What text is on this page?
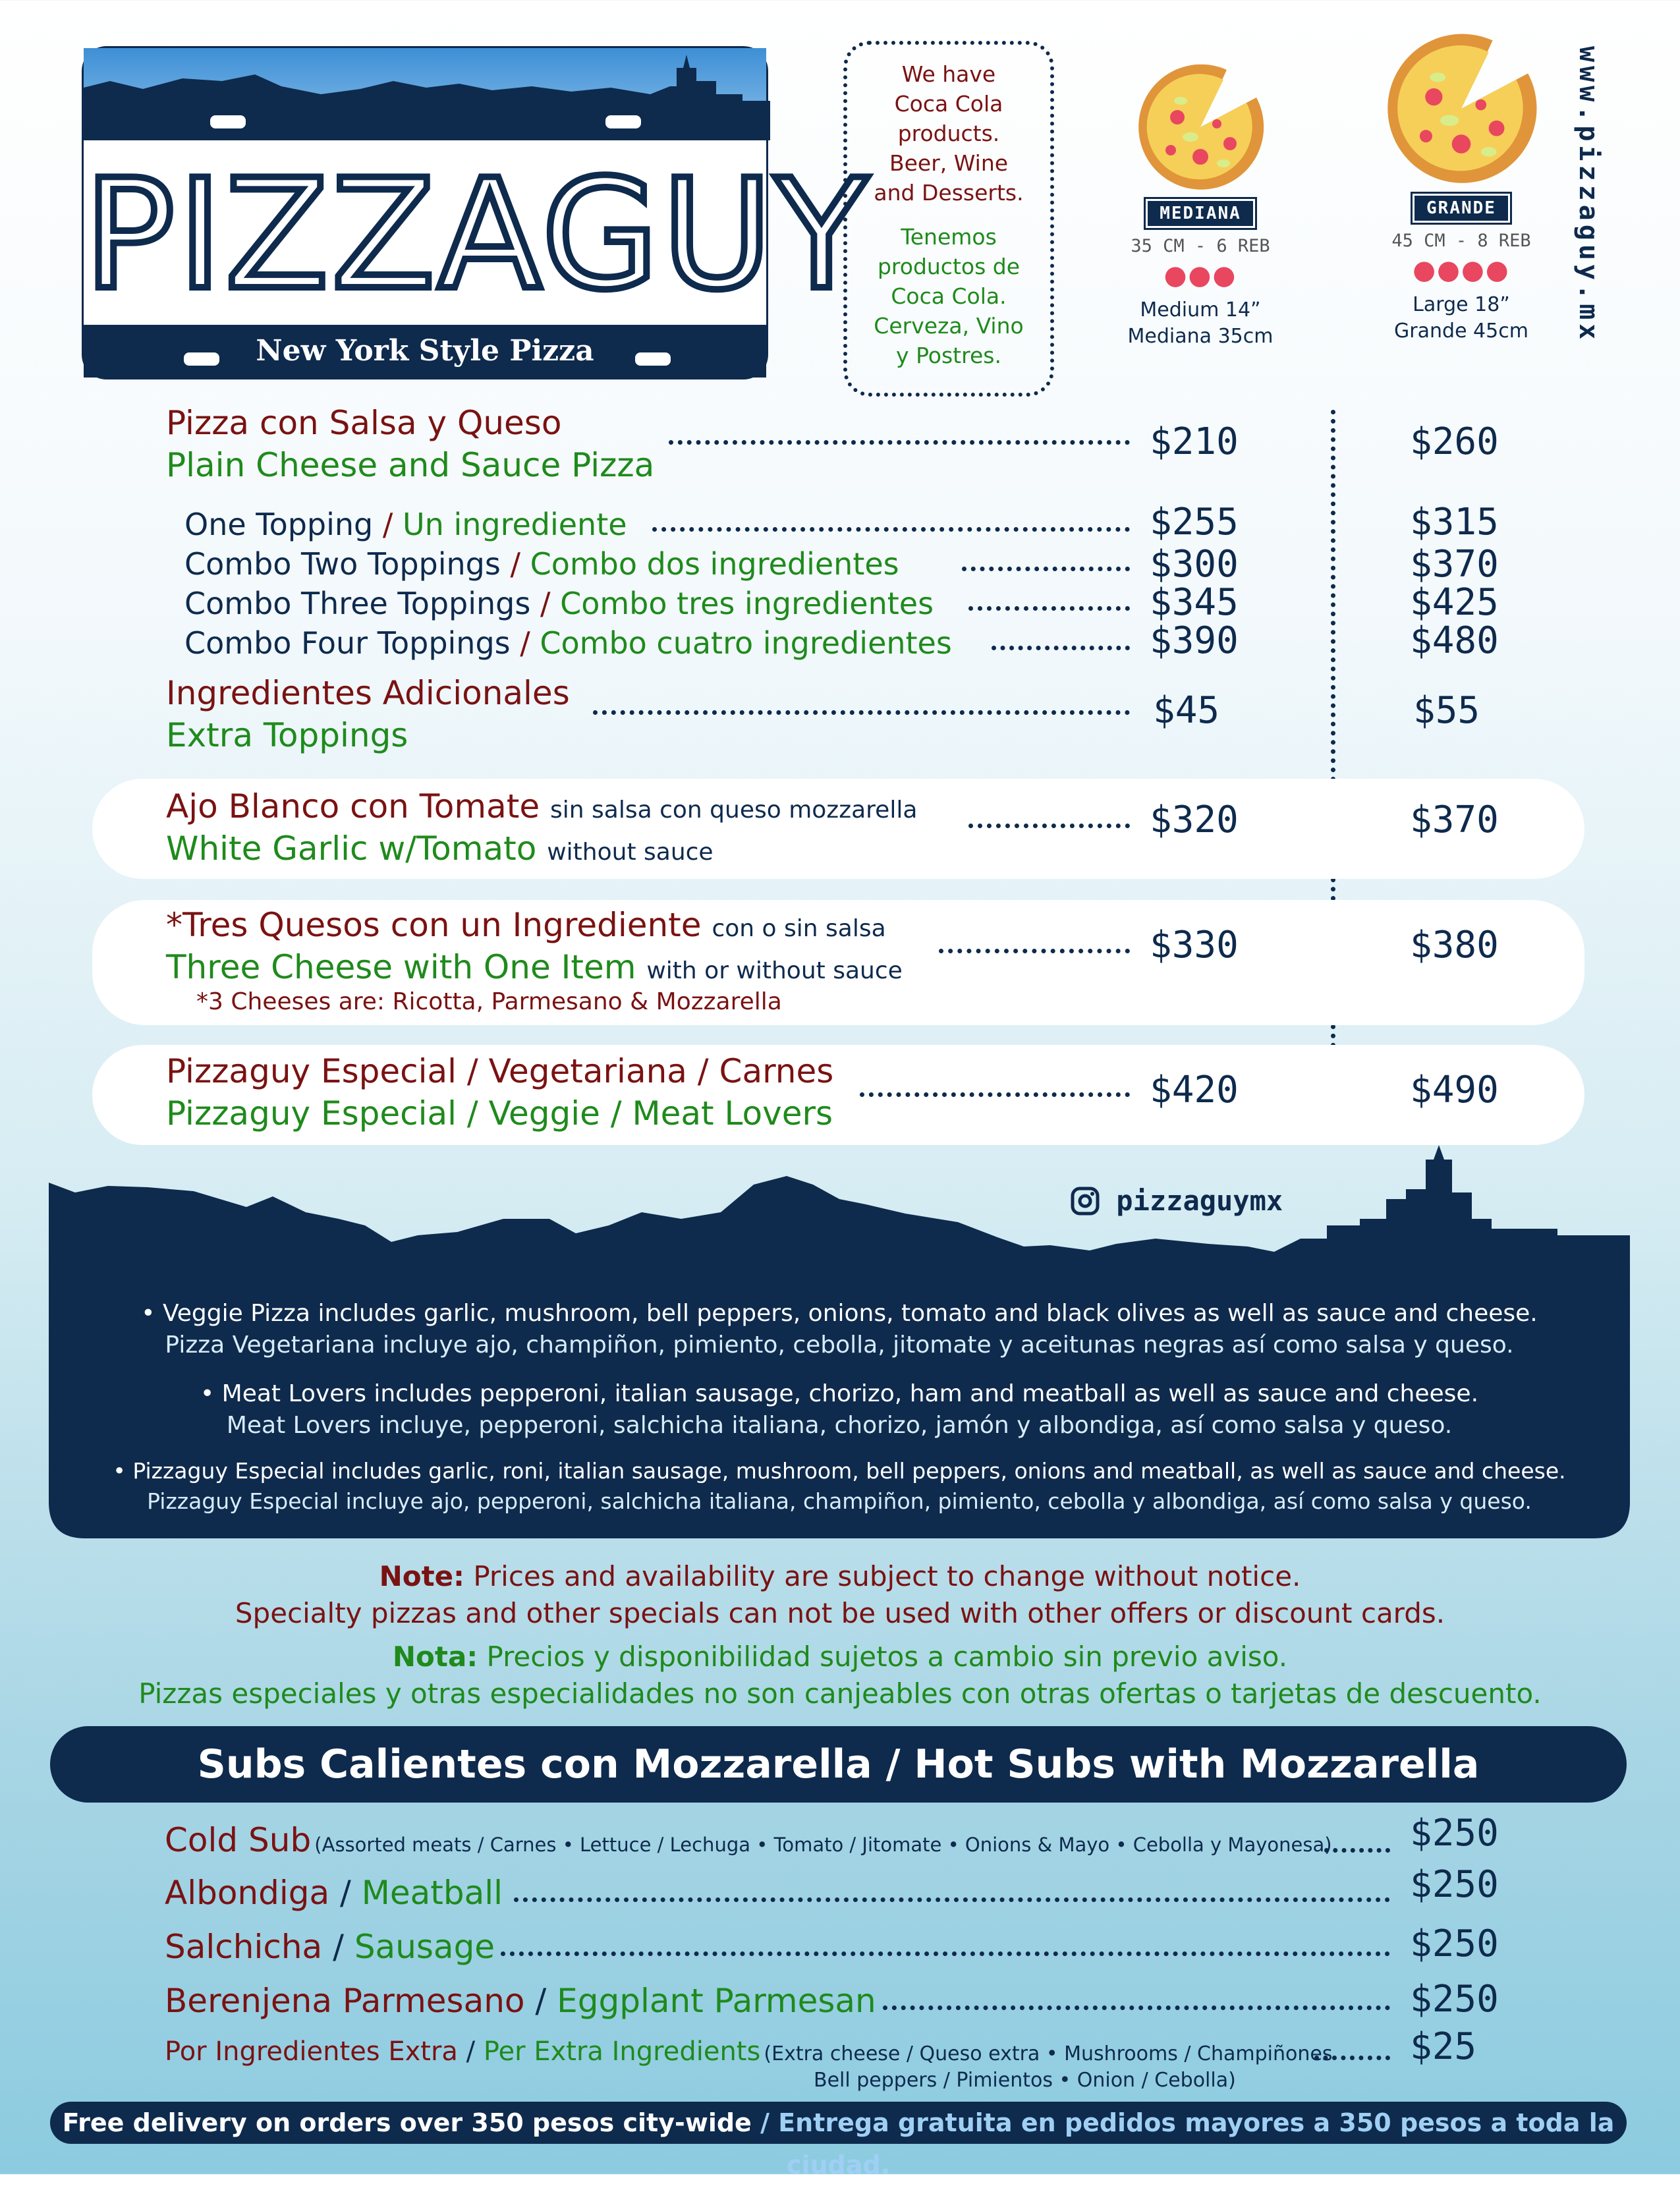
PIZZAGUY
New York Style Pizza
We have
Coca Cola
products.
Beer, Wine
and Desserts.
Tenemos
productos de
Coca Cola.
Cerveza, Vino
y Postres.
MEDIANA
35 CM - 6 REB
●●●
Medium 14”
Mediana 35cm
GRANDE
45 CM - 8 REB
●●●●
Large 18”
Grande 45cm	www.pizzaguy.mx
Pizza con Salsa y Queso
Plain Cheese and Sauce Pizza
$210	$260
One Topping / Un ingrediente	$255	$315
Combo Two Toppings / Combo dos ingredientes	$300	$370
Combo Three Toppings / Combo tres ingredientes	$345	$425
Combo Four Toppings / Combo cuatro ingredientes	$390	$480
Ingredientes Adicionales
Extra Toppings
$45	$55
Ajo Blanco con Tomate sin salsa con queso mozzarella
White Garlic w/Tomato without sauce
$320	$370
*Tres Quesos con un Ingrediente con o sin salsa
Three Cheese with One Item with or without sauce
*3 Cheeses are: Ricotta, Parmesano & Mozzarella
$330	$380
Pizzaguy Especial / Vegetariana / Carnes
Pizzaguy Especial / Veggie / Meat Lovers
$420	$490
• Veggie Pizza includes garlic, mushroom, bell peppers, onions, tomato and black olives as well as sauce and cheese.
Pizza Vegetariana incluye ajo, champiñon, pimiento, cebolla, jitomate y aceitunas negras así como salsa y queso.
• Meat Lovers includes pepperoni, italian sausage, chorizo, ham and meatball as well as sauce and cheese.
Meat Lovers incluye, pepperoni, salchicha italiana, chorizo, jamón y albondiga, así como salsa y queso.
• Pizzaguy Especial includes garlic, roni, italian sausage, mushroom, bell peppers, onions and meatball, as well as sauce and cheese.
Pizzaguy Especial incluye ajo, pepperoni, salchicha italiana, champiñon, pimiento, cebolla y albondiga, así como salsa y queso.
pizzaguymx
Note: Prices and availability are subject to change without notice.
Specialty pizzas and other specials can not be used with other offers or discount cards.
Nota: Precios y disponibilidad sujetos a cambio sin previo aviso.
Pizzas especiales y otras especialidades no son canjeables con otras ofertas o tarjetas de descuento.
Subs Calientes con Mozzarella / Hot Subs with Mozzarella
Cold Sub (Assorted meats / Carnes • Lettuce / Lechuga • Tomato / Jitomate • Onions & Mayo • Cebolla y Mayonesa) $250
Albondiga / Meatball	$250
Salchicha / Sausage	$250
Berenjena Parmesano / Eggplant Parmesan	$250
Por Ingredientes Extra / Per Extra Ingredients (Extra cheese / Queso extra • Mushrooms / Champiñones
Bell peppers / Pimientos • Onion / Cebolla)
$25
Free delivery on orders over 350 pesos city-wide / Entrega gratuita en pedidos mayores a 350 pesos a toda la ciudad.
